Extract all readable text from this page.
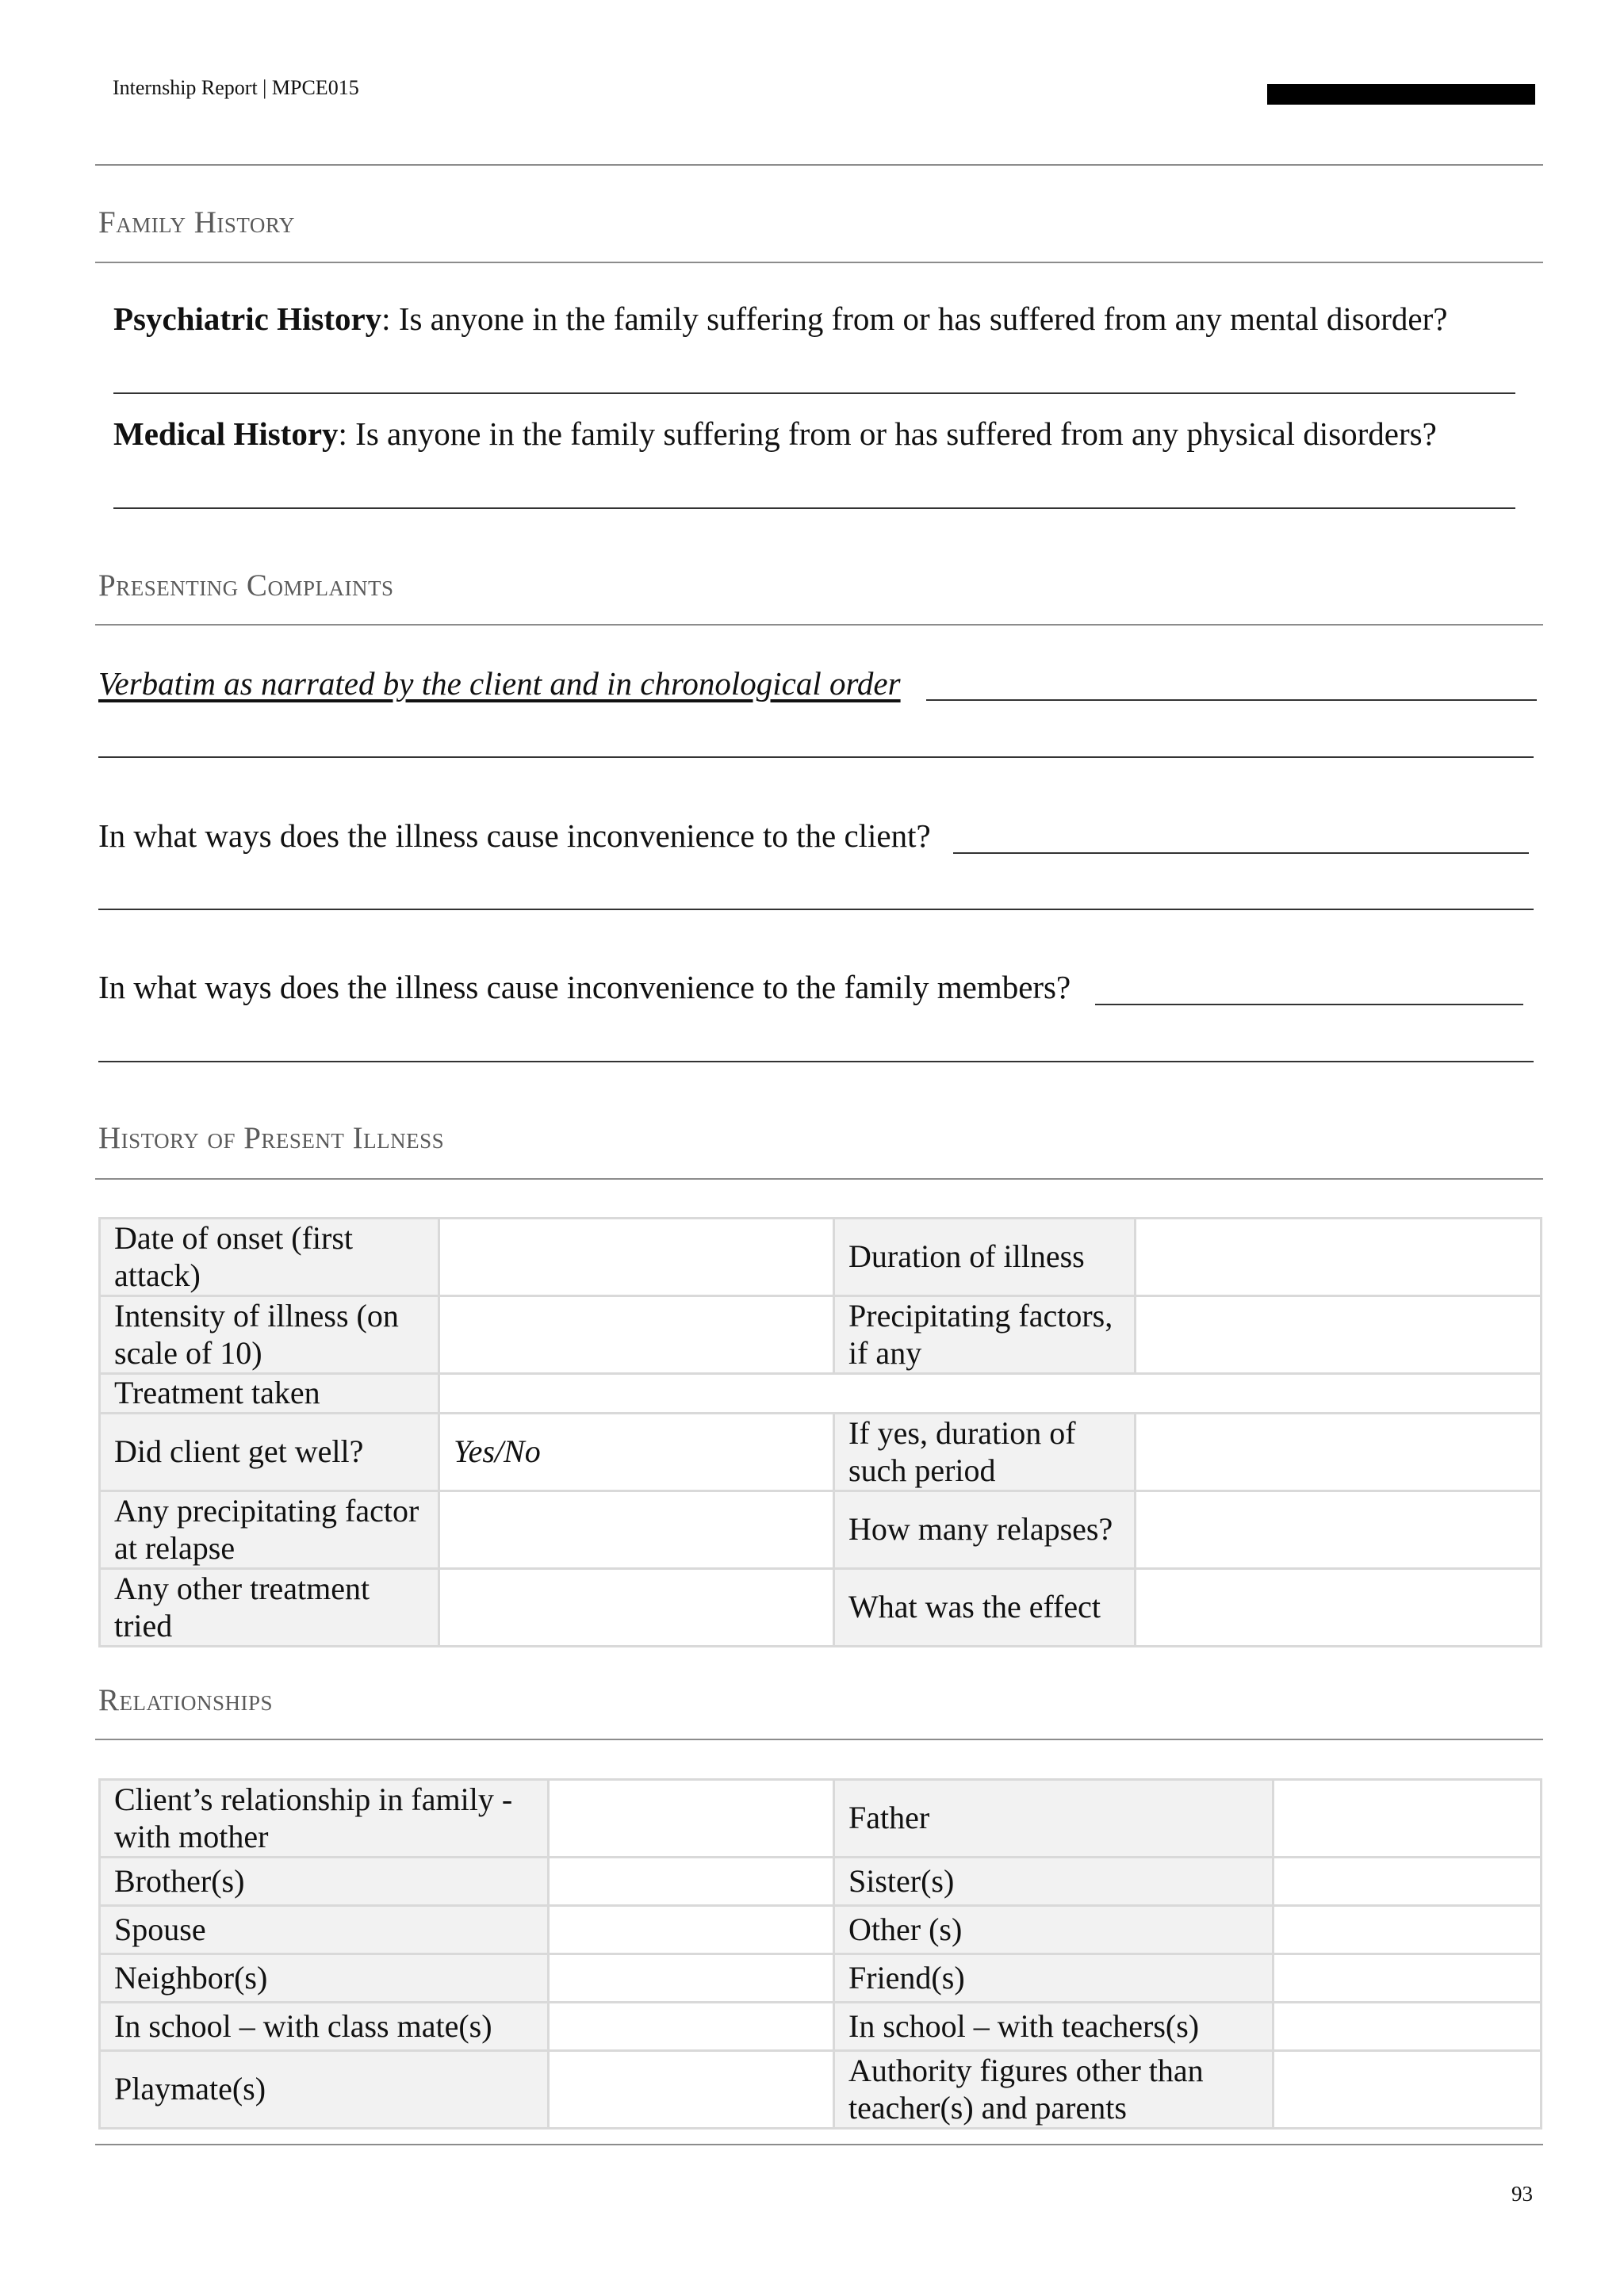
Internship Report | MPCE015
Family History
Psychiatric History: Is anyone in the family suffering from or has suffered from any mental disorder?
Medical History: Is anyone in the family suffering from or has suffered from any physical disorders?
Presenting Complaints
Verbatim as narrated by the client and in chronological order
In what ways does the illness cause inconvenience to the client?
In what ways does the illness cause inconvenience to the family members?
History of Present Illness
Date of onset (first attack)		Duration of illness	
Intensity of illness (on scale of 10)		Precipitating factors, if any	
Treatment taken			
Did client get well?	Yes/No	If yes, duration of such period	
Any precipitating factor at relapse		How many relapses?	
Any other treatment tried		What was the effect	
Relationships
Client’s relationship in family - with mother		Father	
Brother(s)		Sister(s)	
Spouse		Other (s)	
Neighbor(s)		Friend(s)	
In school – with class mate(s)		In school – with teachers(s)	
Playmate(s)		Authority figures other than teacher(s) and parents	
93
